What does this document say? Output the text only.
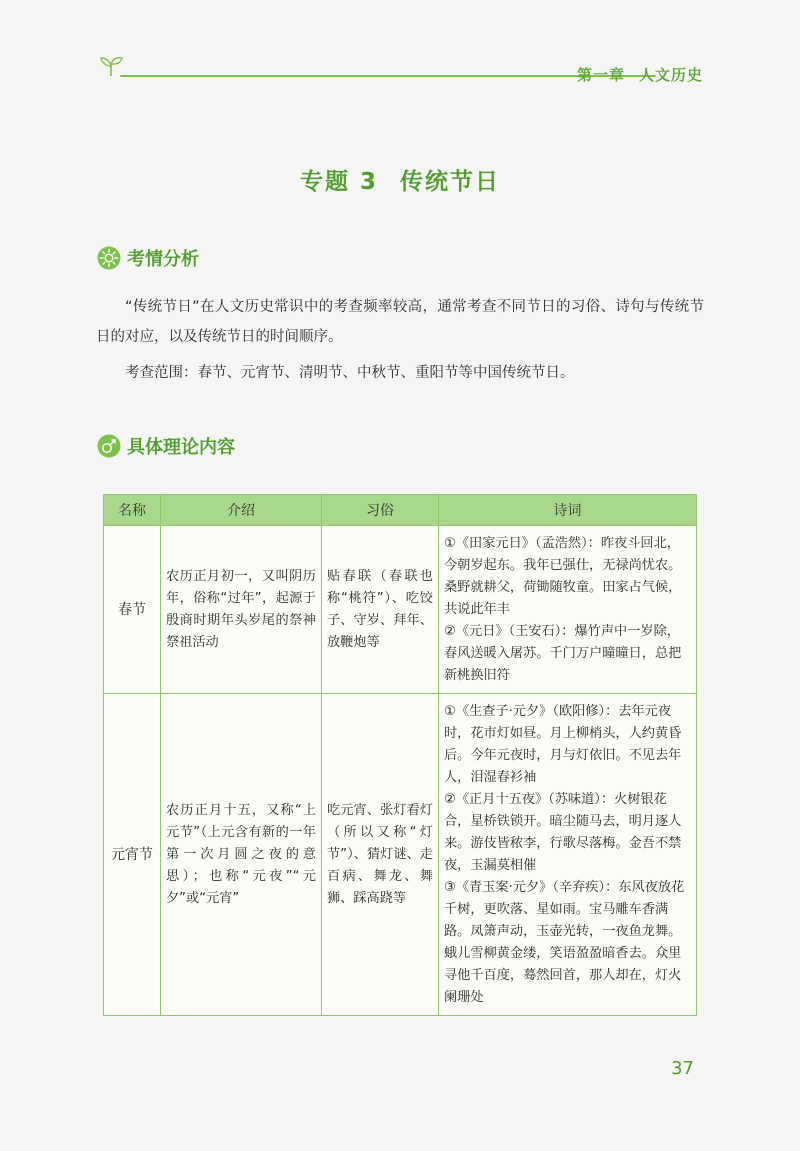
第一章 人文历史
专题 3 传统节日
考情分析

“传统节日”在人文历史常识中的考查频率较高，通常考查不同节日的习俗、诗句与传统节日的对应，以及传统节日的时间顺序。

考查范围：春节、元宵节、清明节、中秋节、重阳节等中国传统节日。

具体理论内容
名称	介绍	习俗	诗词
春节	农历正月初一，又叫阴历年，俗称“过年”，起源于殷商时期年头岁尾的祭神祭祖活动	贴春联（春联也称“桃符”）、吃饺子、守岁、拜年、放鞭炮等	①《田家元日》（孟浩然）：昨夜斗回北，今朝岁起东。我年已强仕，无禄尚忧农。桑野就耕父，荷锄随牧童。田家占气候，共说此年丰
②《元日》（王安石）：爆竹声中一岁除，春风送暖入屠苏。千门万户曈曈日，总把新桃换旧符

元宵节	农历正月十五，又称“上元节”（上元含有新的一年第一次月圆之夜的意思）；也称“元夜”“元夕”或“元宵”	吃元宵、张灯看灯（所以又称“灯节”）、猜灯谜、走百病、舞龙、舞狮、踩高跷等	①《生查子·元夕》（欧阳修）：去年元夜时，花市灯如昼。月上柳梢头，人约黄昏后。今年元夜时，月与灯依旧。不见去年人，泪湿春衫袖
②《正月十五夜》（苏味道）：火树银花合，星桥铁锁开。暗尘随马去，明月逐人来。游伎皆秾李，行歌尽落梅。金吾不禁夜，玉漏莫相催
③《青玉案·元夕》（辛弃疾）：东风夜放花千树，更吹落、星如雨。宝马雕车香满路。凤箫声动，玉壶光转，一夜鱼龙舞。蛾儿雪柳黄金缕，笑语盈盈暗香去。众里寻他千百度，蓦然回首，那人却在，灯火阑珊处
37
